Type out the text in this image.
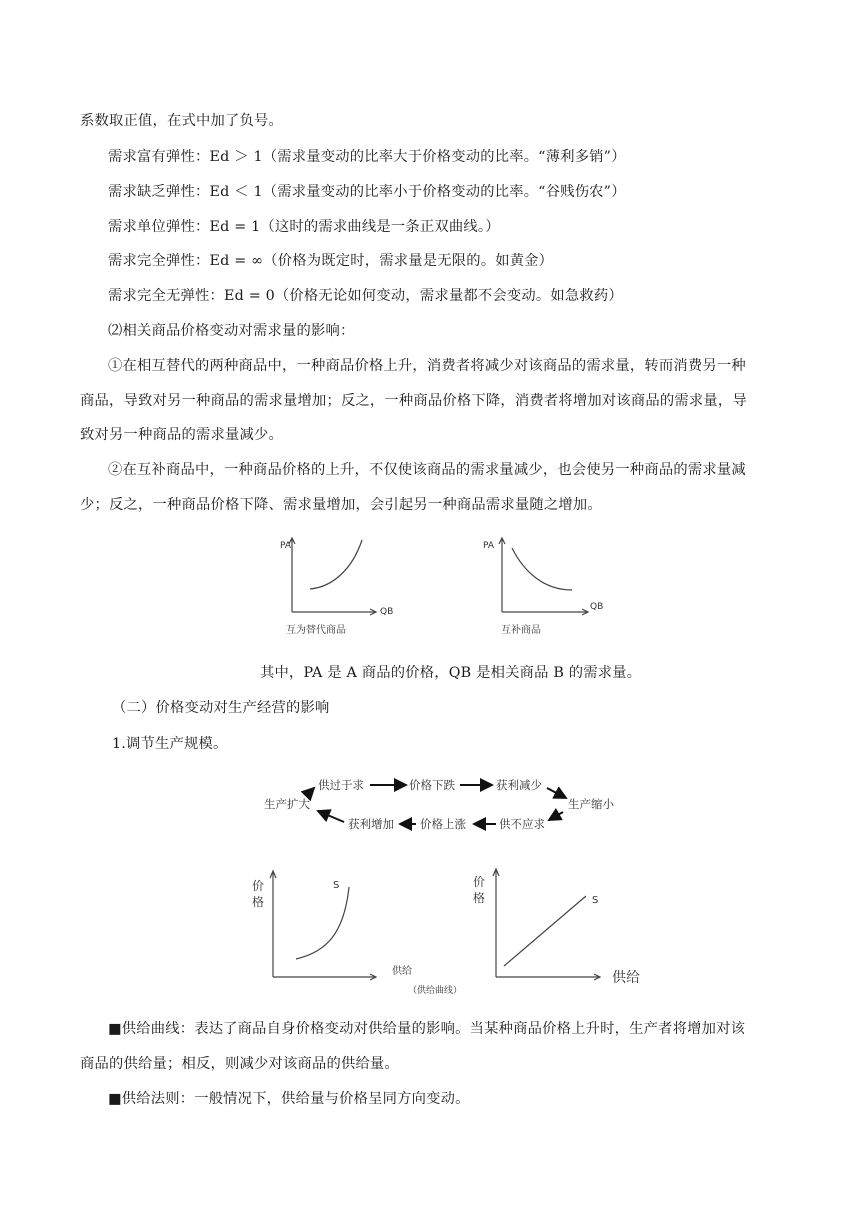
系数取正值，在式中加了负号。
需求富有弹性：Ed ＞ 1（需求量变动的比率大于价格变动的比率。“薄利多销”）
需求缺乏弹性：Ed ＜ 1（需求量变动的比率小于价格变动的比率。“谷贱伤农”）
需求单位弹性：Ed = 1（这时的需求曲线是一条正双曲线。）
需求完全弹性：Ed = ∞（价格为既定时，需求量是无限的。如黄金）
需求完全无弹性：Ed = 0（价格无论如何变动，需求量都不会变动。如急救药）
⑵相关商品价格变动对需求量的影响：
①在相互替代的两种商品中，一种商品价格上升，消费者将减少对该商品的需求量，转而消费另一种
商品，导致对另一种商品的需求量增加；反之，一种商品价格下降，消费者将增加对该商品的需求量，导
致对另一种商品的需求量减少。
②在互补商品中，一种商品价格的上升，不仅使该商品的需求量减少，也会使另一种商品的需求量减
少；反之，一种商品价格下降、需求量增加，会引起另一种商品需求量随之增加。
PA
QB
互为替代商品
PA
QB
互补商品
其中，PA 是 A 商品的价格，QB 是相关商品 B 的需求量。
（二）价格变动对生产经营的影响
1.调节生产规模。
供过于求	价格下跌	获利减少
生产缩小
供不应求
价格上涨
获利增加
生产扩大
价
格
S
供给
（供给曲线）
价
格	S
供给
■供给曲线：表达了商品自身价格变动对供给量的影响。当某种商品价格上升时，生产者将增加对该
商品的供给量；相反，则减少对该商品的供给量。
■供给法则：一般情况下，供给量与价格呈同方向变动。
